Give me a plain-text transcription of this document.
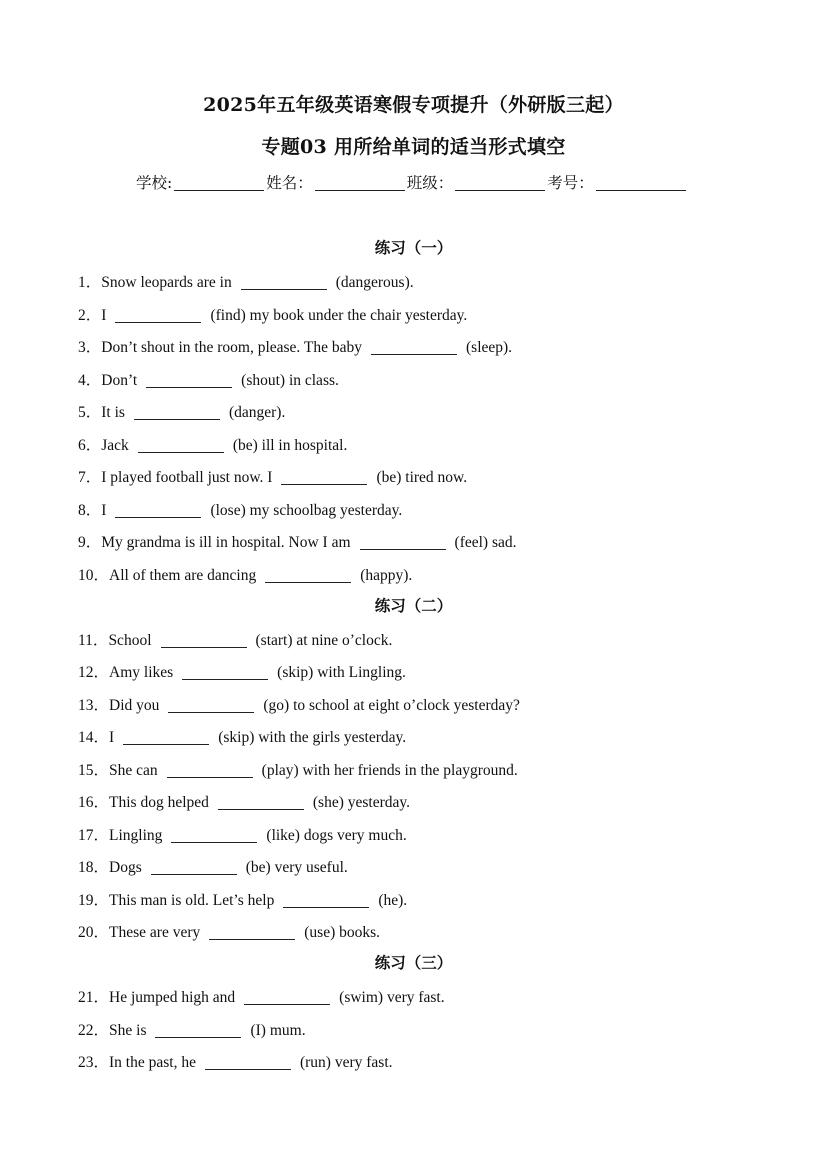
2025年五年级英语寒假专项提升（外研版三起）
专题03 用所给单词的适当形式填空
学校:	姓名：	班级：	考号：
练习（一）
练习（二）
练习（三）
1．Snow leopards are in	(dangerous).
2．I	(find) my book under the chair yesterday.
3．Don’t shout in the room, please. The baby	(sleep).
4．Don’t	(shout) in class.
5．It is	(danger).
6．Jack	(be) ill in hospital.
7．I played football just now. I	(be) tired now.
8．I	(lose) my schoolbag yesterday.
9．My grandma is ill in hospital. Now I am	(feel) sad.
10．All of them are dancing	(happy).
11．School	(start) at nine o’clock.
12．Amy likes	(skip) with Lingling.
13．Did you	(go) to school at eight o’clock yesterday?
14．I	(skip) with the girls yesterday.
15．She can	(play) with her friends in the playground.
16．This dog helped	(she) yesterday.
17．Lingling	(like) dogs very much.
18．Dogs	(be) very useful.
19．This man is old. Let’s help	(he).
20．These are very	(use) books.
21．He jumped high and	(swim) very fast.
22．She is	(I) mum.
23．In the past, he	(run) very fast.
